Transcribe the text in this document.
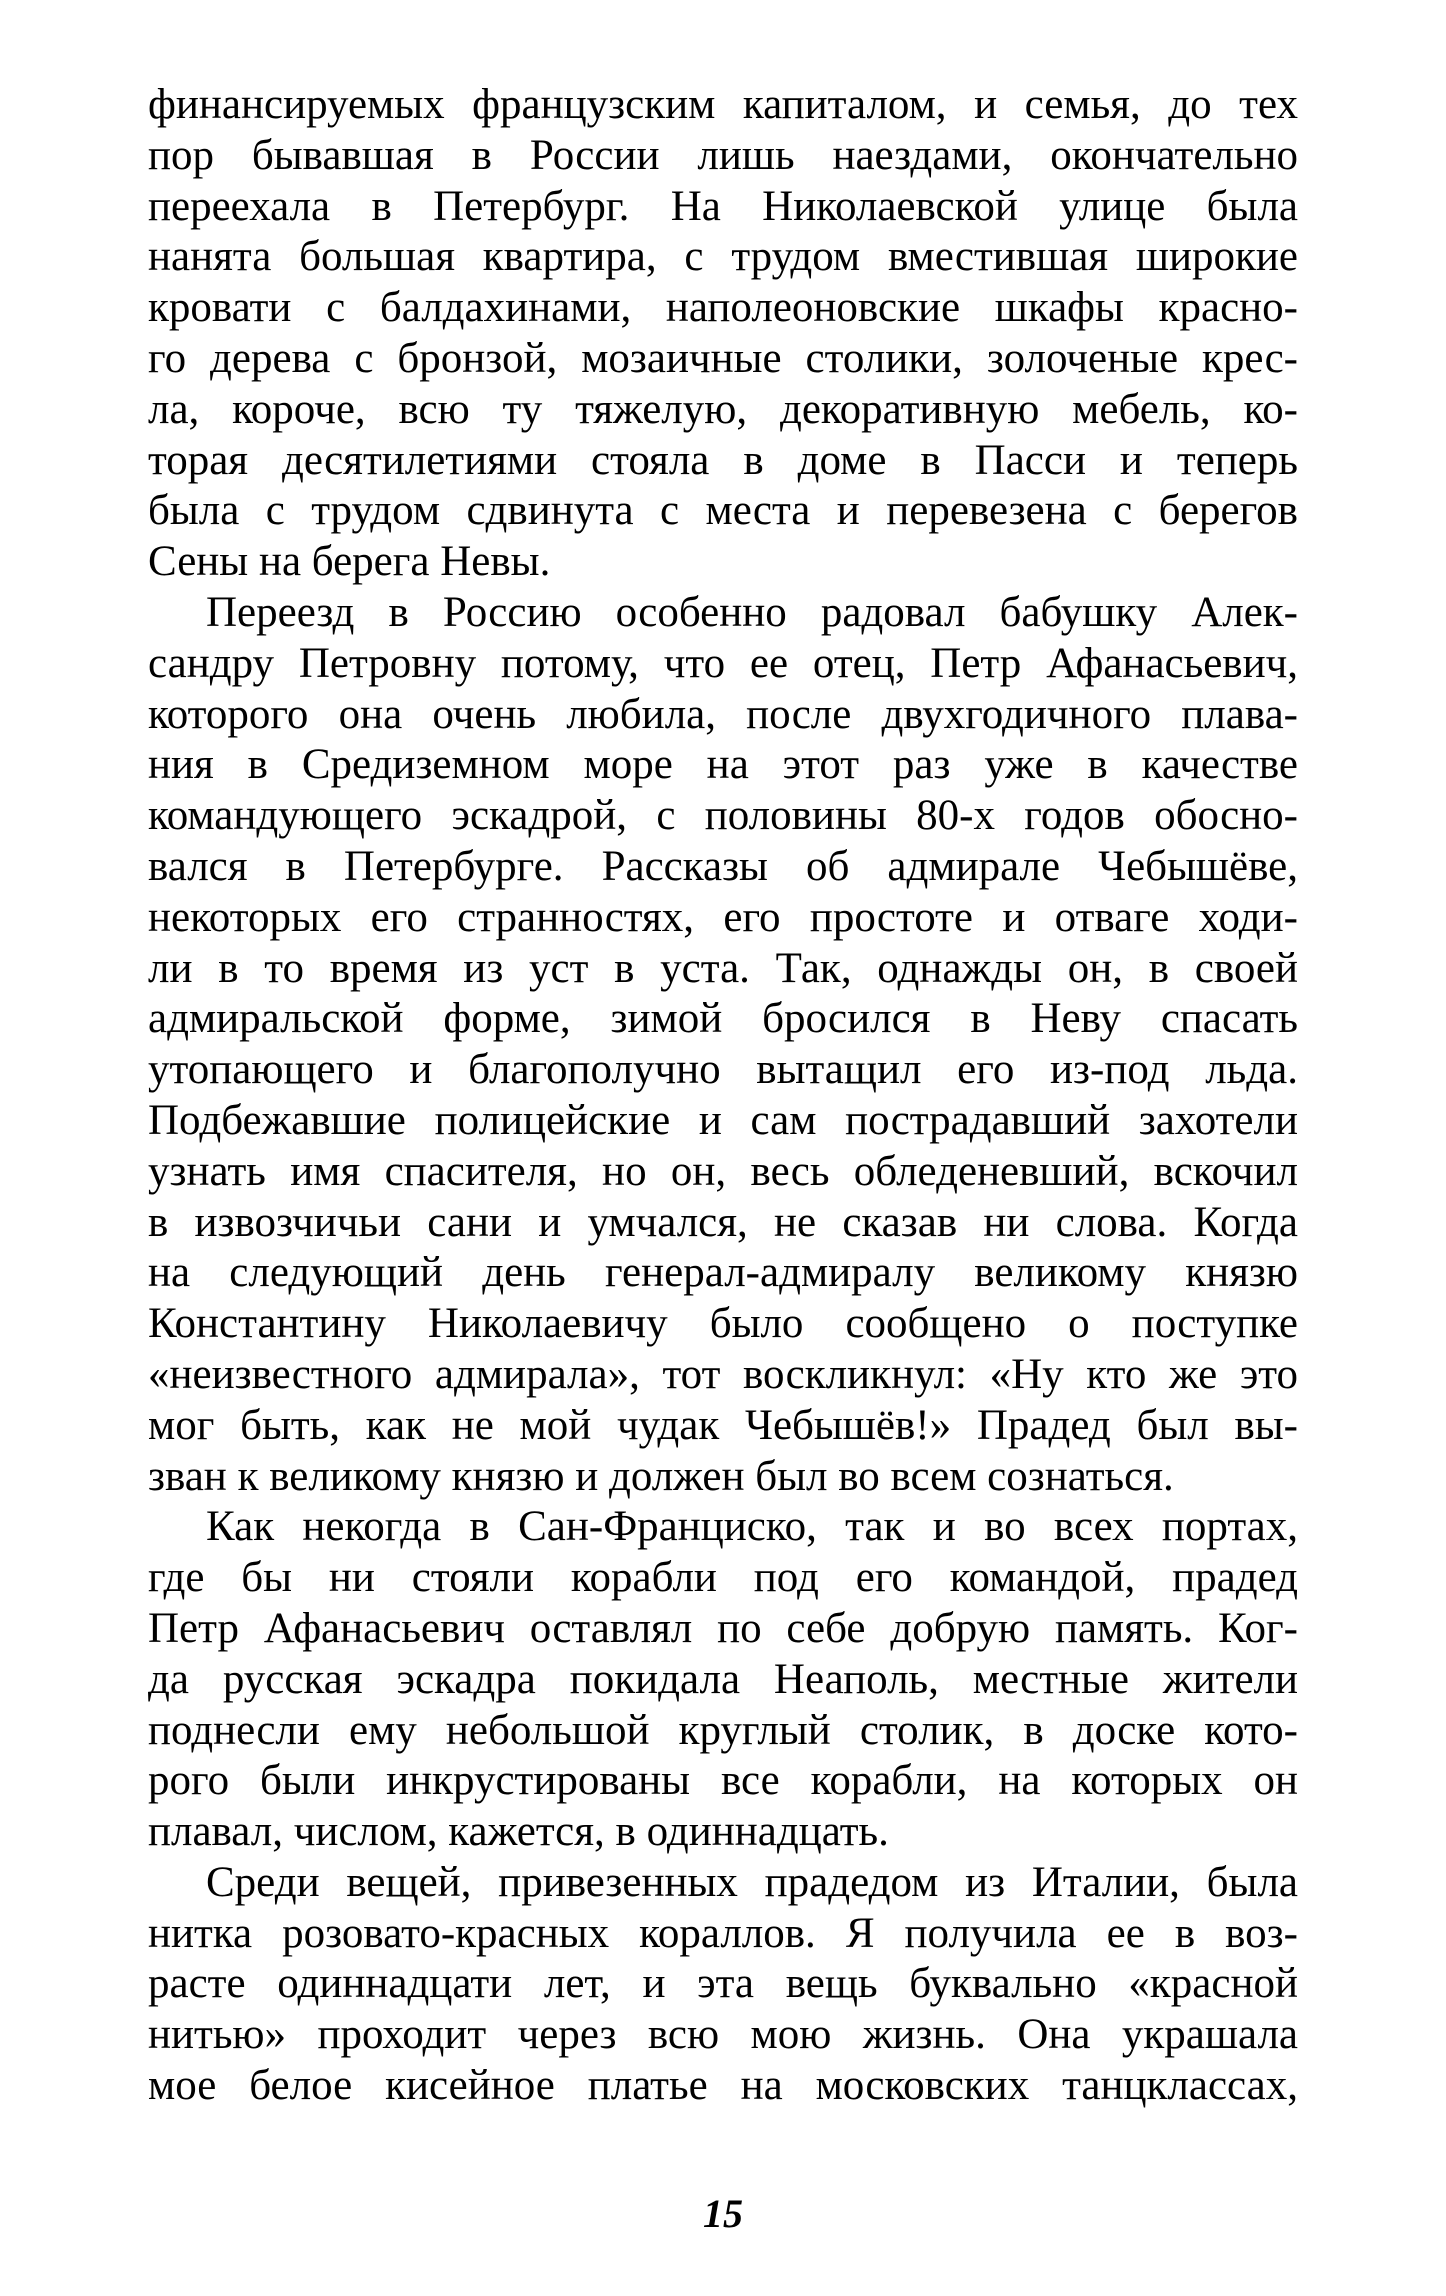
финансируемых французским капиталом, и семья, до тех
пор бывавшая в России лишь наездами, окончательно
переехала в Петербург. На Николаевской улице была
нанята большая квартира, с трудом вместившая широкие
кровати с балдахинами, наполеоновские шкафы красно-
го дерева с бронзой, мозаичные столики, золоченые крес-
ла, короче, всю ту тяжелую, декоративную мебель, ко-
торая десятилетиями стояла в доме в Пасси и теперь
была с трудом сдвинута с места и перевезена с берегов
Сены на берега Невы.
Переезд в Россию особенно радовал бабушку Алек-
сандру Петровну потому, что ее отец, Петр Афанасьевич,
которого она очень любила, после двухгодичного плава-
ния в Средиземном море на этот раз уже в качестве
командующего эскадрой, с половины 80-х годов обосно-
вался в Петербурге. Рассказы об адмирале Чебышёве,
некоторых его странностях, его простоте и отваге ходи-
ли в то время из уст в уста. Так, однажды он, в своей
адмиральской форме, зимой бросился в Неву спасать
утопающего и благополучно вытащил его из-под льда.
Подбежавшие полицейские и сам пострадавший захотели
узнать имя спасителя, но он, весь обледеневший, вскочил
в извозчичьи сани и умчался, не сказав ни слова. Когда
на следующий день генерал-адмиралу великому князю
Константину Николаевичу было сообщено о поступке
«неизвестного адмирала», тот воскликнул: «Ну кто же это
мог быть, как не мой чудак Чебышёв!» Прадед был вы-
зван к великому князю и должен был во всем сознаться.
Как некогда в Сан-Франциско, так и во всех портах,
где бы ни стояли корабли под его командой, прадед
Петр Афанасьевич оставлял по себе добрую память. Ког-
да русская эскадра покидала Неаполь, местные жители
поднесли ему небольшой круглый столик, в доске кото-
рого были инкрустированы все корабли, на которых он
плавал, числом, кажется, в одиннадцать.
Среди вещей, привезенных прадедом из Италии, была
нитка розовато-красных кораллов. Я получила ее в воз-
расте одиннадцати лет, и эта вещь буквально «красной
нитью» проходит через всю мою жизнь. Она украшала
мое белое кисейное платье на московских танцклассах,
15
